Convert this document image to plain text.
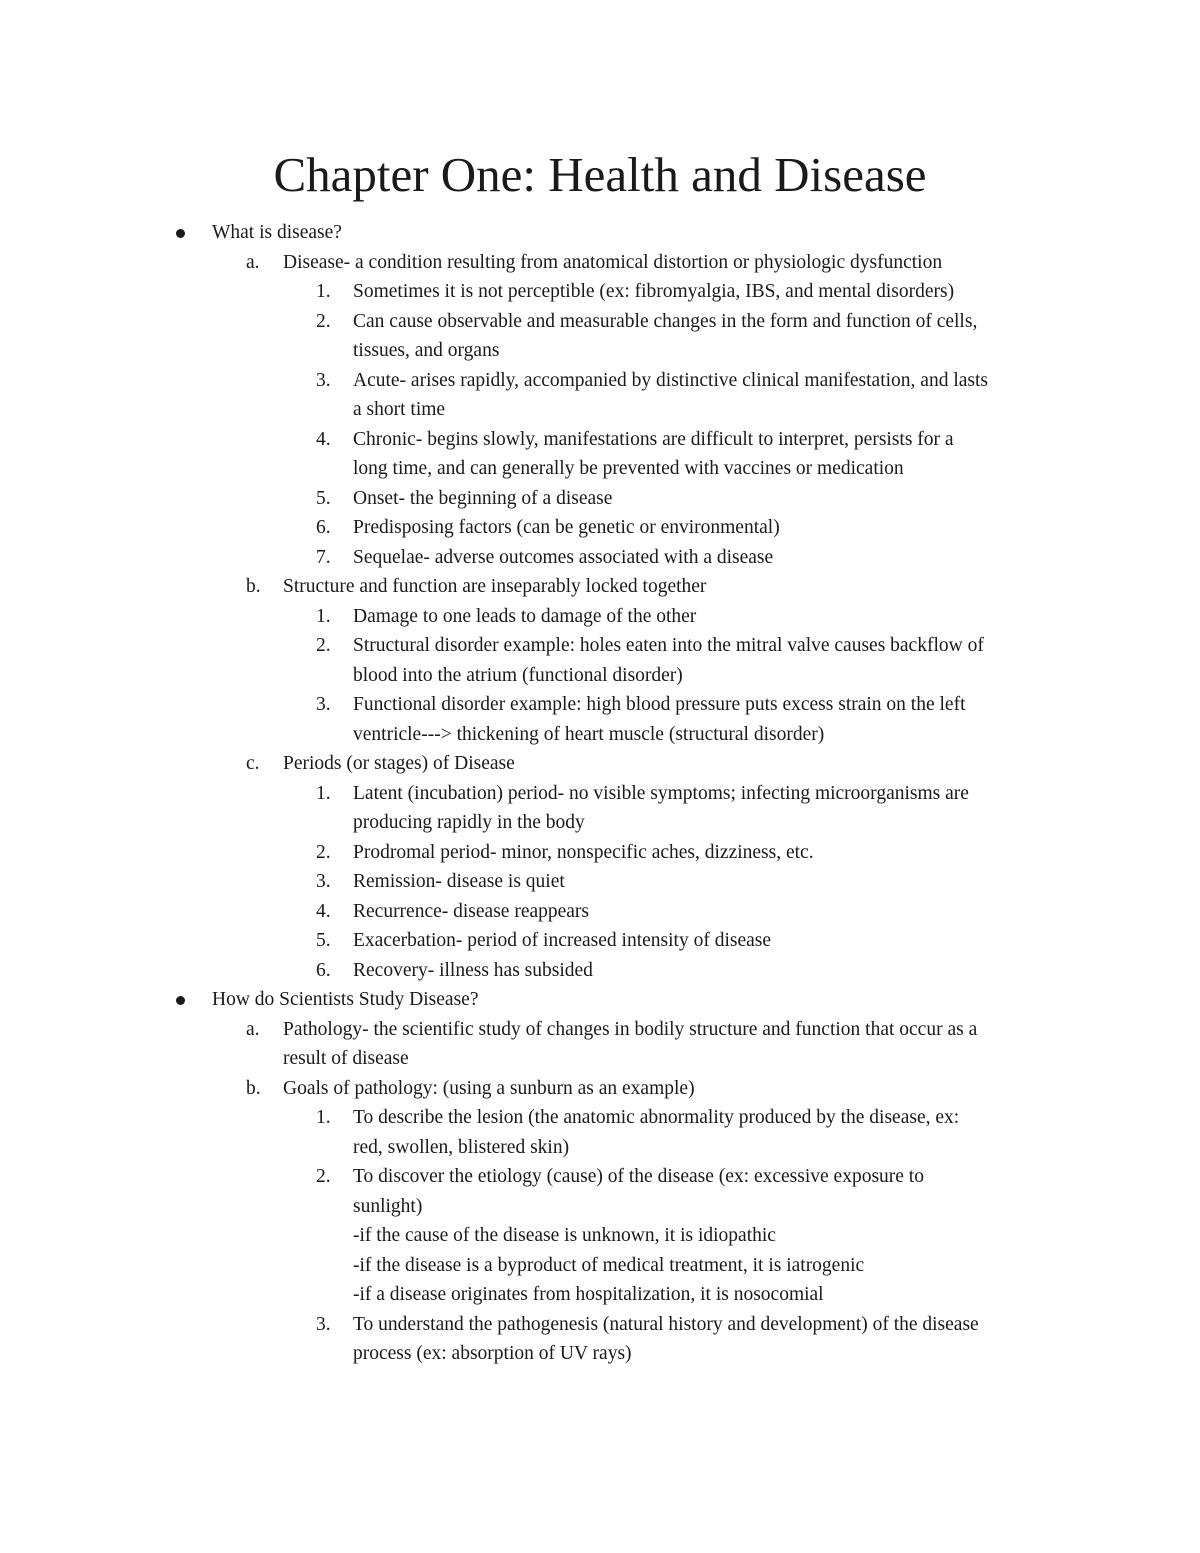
Chapter One: Health and Disease
What is disease?
a.	Disease- a condition resulting from anatomical distortion or physiologic dysfunction
1.	Sometimes it is not perceptible (ex: fibromyalgia, IBS, and mental disorders)
2.	Can cause observable and measurable changes in the form and function of cells,
tissues, and organs
3.	Acute- arises rapidly, accompanied by distinctive clinical manifestation, and lasts
a short time
4.	Chronic- begins slowly, manifestations are difficult to interpret, persists for a
long time, and can generally be prevented with vaccines or medication
5.	Onset- the beginning of a disease
6.	Predisposing factors (can be genetic or environmental)
7.	Sequelae- adverse outcomes associated with a disease
b.	Structure and function are inseparably locked together
1.	Damage to one leads to damage of the other
2.	Structural disorder example: holes eaten into the mitral valve causes backflow of
blood into the atrium (functional disorder)
3.	Functional disorder example: high blood pressure puts excess strain on the left
ventricle---> thickening of heart muscle (structural disorder)
c.	Periods (or stages) of Disease
1.	Latent (incubation) period- no visible symptoms; infecting microorganisms are
producing rapidly in the body
2.	Prodromal period- minor, nonspecific aches, dizziness, etc.
3.	Remission- disease is quiet
4.	Recurrence- disease reappears
5.	Exacerbation- period of increased intensity of disease
6.	Recovery- illness has subsided
How do Scientists Study Disease?
a.	Pathology- the scientific study of changes in bodily structure and function that occur as a
result of disease
b.	Goals of pathology: (using a sunburn as an example)
1.	To describe the lesion (the anatomic abnormality produced by the disease, ex:
red, swollen, blistered skin)
2.	To discover the etiology (cause) of the disease (ex: excessive exposure to
sunlight)
-if the cause of the disease is unknown, it is idiopathic
-if the disease is a byproduct of medical treatment, it is iatrogenic
-if a disease originates from hospitalization, it is nosocomial
3.	To understand the pathogenesis (natural history and development) of the disease
process (ex: absorption of UV rays)
